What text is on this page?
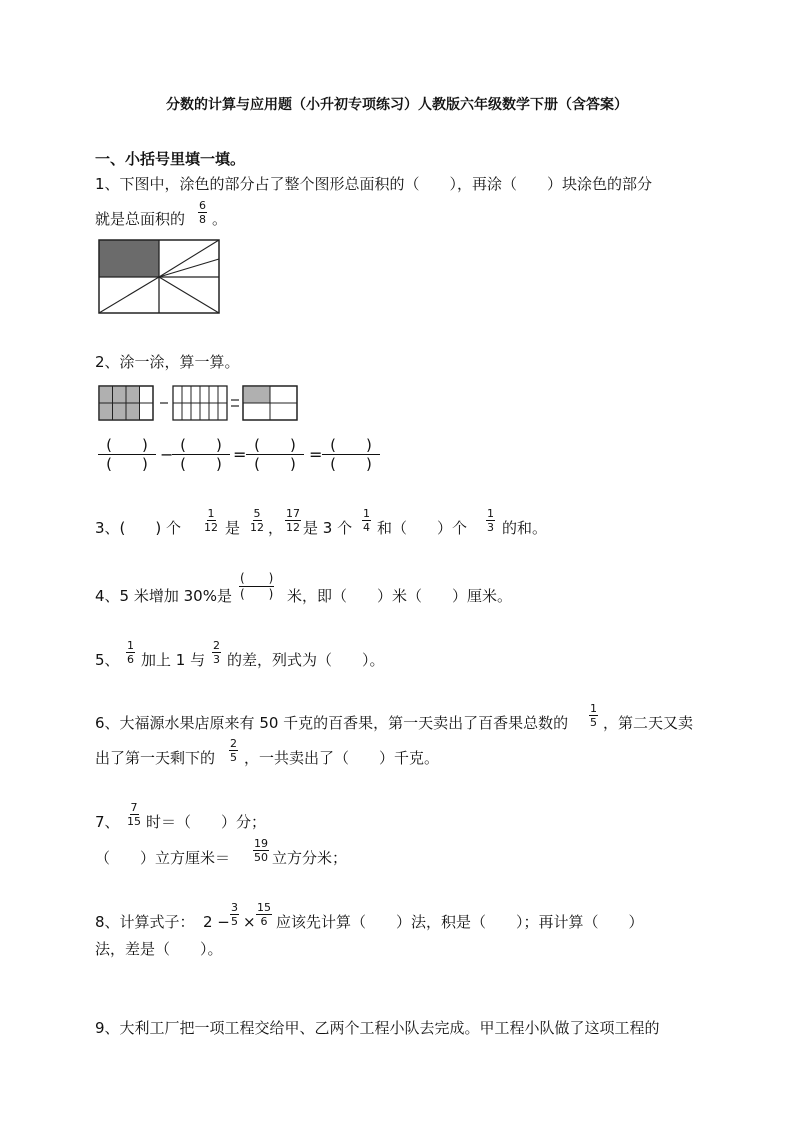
分数的计算与应用题（小升初专项练习）人教版六年级数学下册（含答案）
一、小括号里填一填。
1、下图中，涂色的部分占了整个图形总面积的（　　），再涂（　　）块涂色的部分
就是总面积的 $\frac{6}{8}$ 。
2、涂一涂，算一算。
(　　)
(　　) − (　　)
(　　) = (　　)
(　　) = (　　)
(　　)
3、(　　) 个 $\frac{1}{12}$ 是 $\frac{5}{12}$ ， $\frac{17}{12}$ 是 3 个 $\frac{1}{4}$ 和（　　）个 $\frac{1}{3}$ 的和。
4、5 米增加 30%是
(　　)
(　　) 米，即（　　）米（　　）厘米。
5、 $\frac{1}{6}$ 加上 1 与 $\frac{2}{3}$ 的差，列式为（　　）。
6、大福源水果店原来有 50 千克的百香果，第一天卖出了百香果总数的 $\frac{1}{5}$ ，第二天又卖
出了第一天剩下的 $\frac{2}{5}$ ，一共卖出了（　　）千克。
7、 $\frac{7}{15}$ 时＝（　　）分；
（　　）立方厘米＝ $\frac{19}{50}$ 立方分米；
8、计算式子： $2 - \frac{3}{5} \times \frac{15}{6}$ 应该先计算（　　）法，积是（　　）；再计算（　　）
法，差是（　　）。
9、大利工厂把一项工程交给甲、乙两个工程小队去完成。甲工程小队做了这项工程的
